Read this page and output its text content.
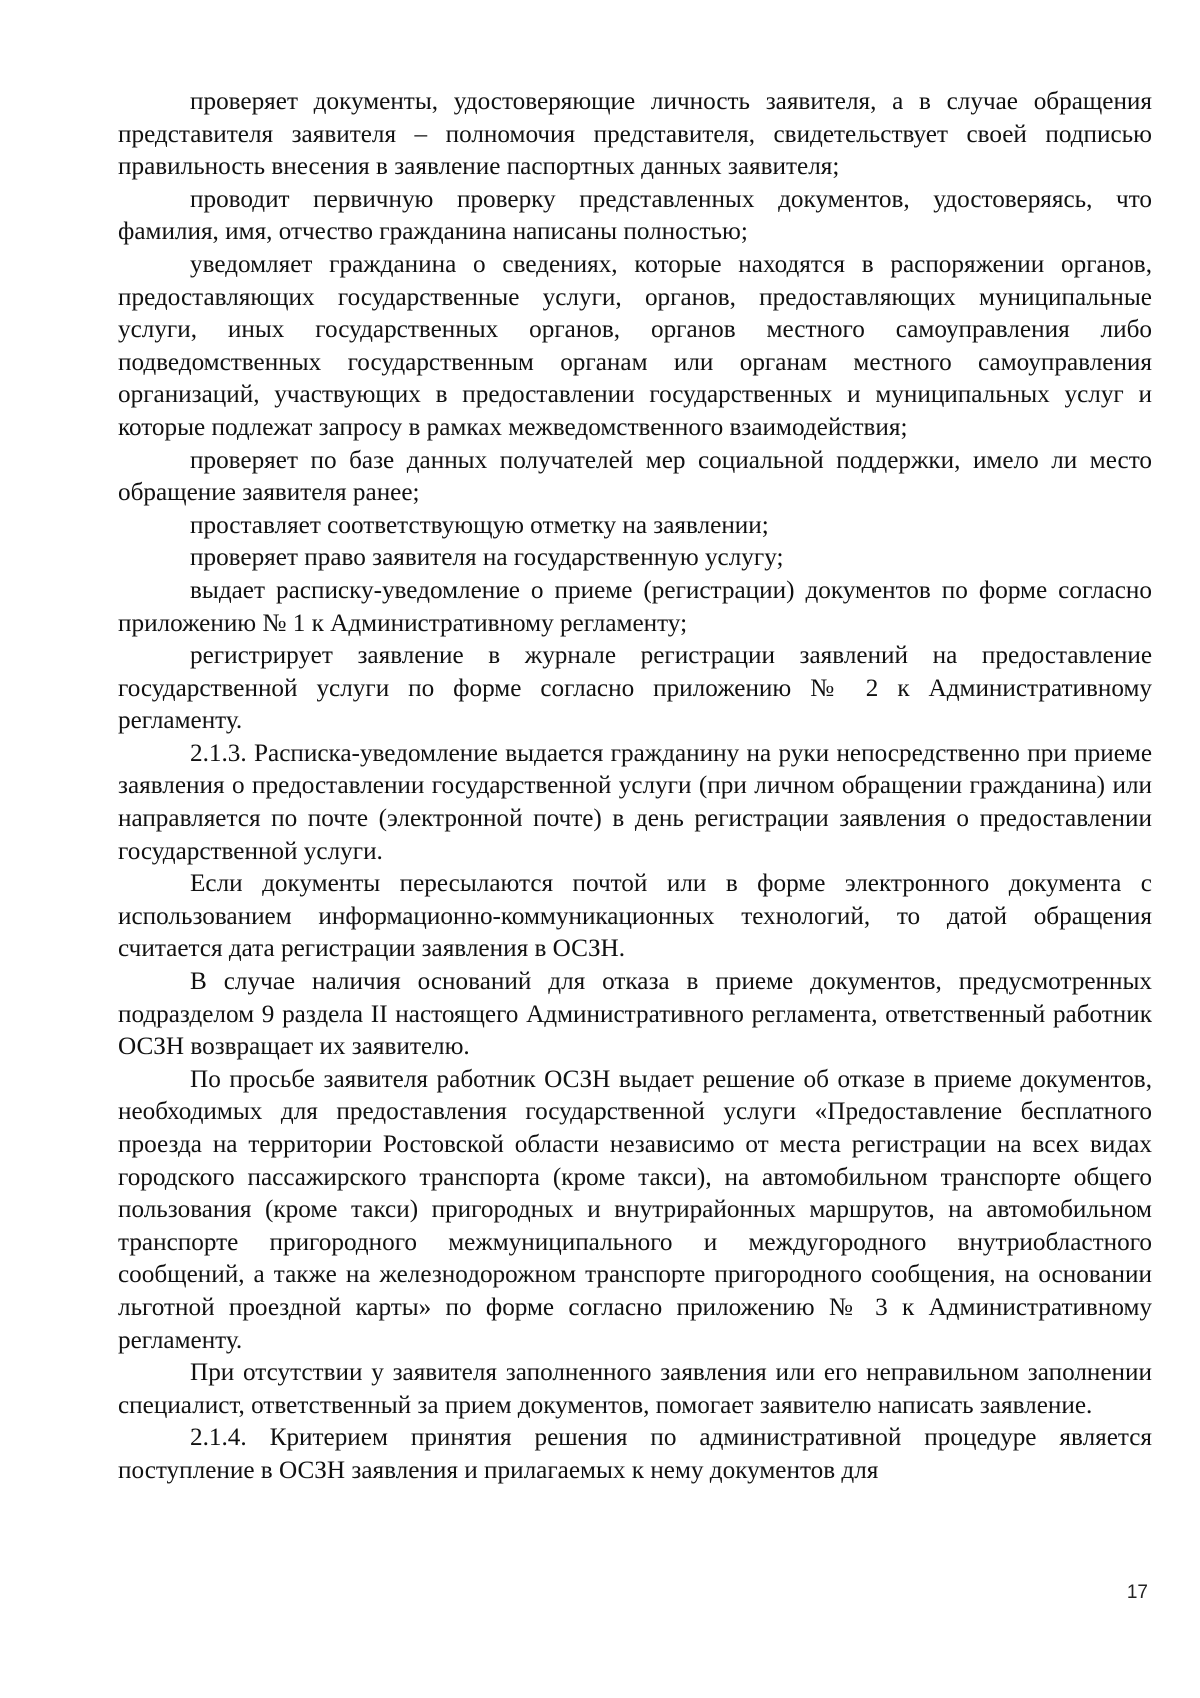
проверяет документы, удостоверяющие личность заявителя, а в случае обращения представителя заявителя – полномочия представителя, свидетельствует своей подписью правильность внесения в заявление паспортных данных заявителя;

проводит первичную проверку представленных документов, удостоверяясь, что фамилия, имя, отчество гражданина написаны полностью;

уведомляет гражданина о сведениях, которые находятся в распоряжении органов, предоставляющих государственные услуги, органов, предоставляющих муниципальные услуги, иных государственных органов, органов местного самоуправления либо подведомственных государственным органам или органам местного самоуправления организаций, участвующих в предоставлении государственных и муниципальных услуг и которые подлежат запросу в рамках межведомственного взаимодействия;

проверяет по базе данных получателей мер социальной поддержки, имело ли место обращение заявителя ранее;

проставляет соответствующую отметку на заявлении;

проверяет право заявителя на государственную услугу;

выдает расписку-уведомление о приеме (регистрации) документов по форме согласно приложению № 1 к Административному регламенту;

регистрирует заявление в журнале регистрации заявлений на предоставление государственной услуги по форме согласно приложению № 2 к Административному регламенту.

2.1.3. Расписка-уведомление выдается гражданину на руки непосредственно при приеме заявления о предоставлении государственной услуги (при личном обращении гражданина) или направляется по почте (электронной почте) в день регистрации заявления о предоставлении государственной услуги.

Если документы пересылаются почтой или в форме электронного документа с использованием информационно-коммуникационных технологий, то датой обращения считается дата регистрации заявления в ОСЗН.

В случае наличия оснований для отказа в приеме документов, предусмотренных подразделом 9 раздела II настоящего Административного регламента, ответственный работник ОСЗН возвращает их заявителю.

По просьбе заявителя работник ОСЗН выдает решение об отказе в приеме документов, необходимых для предоставления государственной услуги «Предоставление бесплатного проезда на территории Ростовской области независимо от места регистрации на всех видах городского пассажирского транспорта (кроме такси), на автомобильном транспорте общего пользования (кроме такси) пригородных и внутрирайонных маршрутов, на автомобильном транспорте пригородного межмуниципального и междугородного внутриобластного сообщений, а также на железнодорожном транспорте пригородного сообщения, на основании льготной проездной карты» по форме согласно приложению № 3 к Административному регламенту.

При отсутствии у заявителя заполненного заявления или его неправильном заполнении специалист, ответственный за прием документов, помогает заявителю написать заявление.

2.1.4. Критерием принятия решения по административной процедуре является поступление в ОСЗН заявления и прилагаемых к нему документов для

17
